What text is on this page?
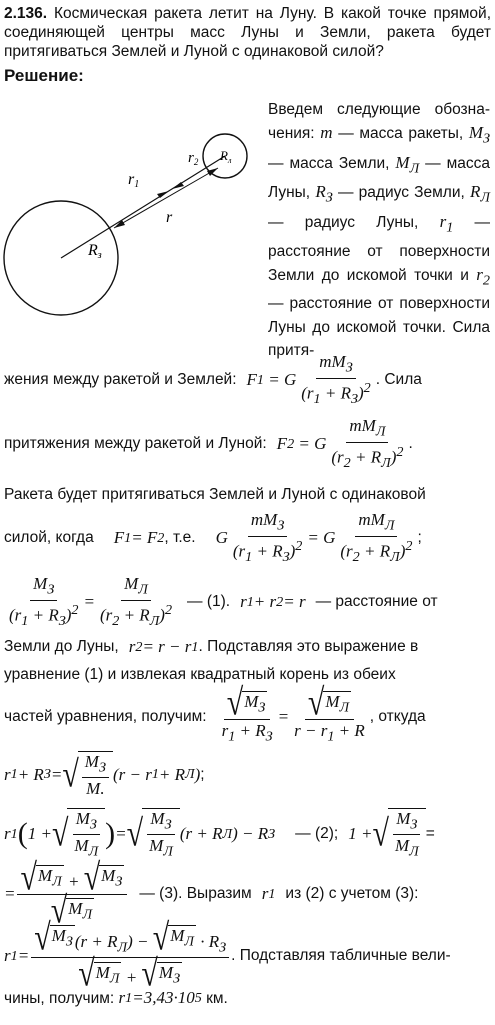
2.136. Космическая ракета летит на Луну. В какой точке прямой, соединяющей центры масс Луны и Земли, ракета будет притягиваться Землей и Луной с одинаковой силой?
Решение:
r1
$r_2$
r
Rз
$R_л$
Введем следующие обозна- чения: m — масса ракеты, $M_З$ — масса Земли, $M_Л$ — масса Луны, $R_З$ — радиус Земли, $R_Л$ — радиус Луны, $r_1$ — расстояние от поверхности Земли до искомой точки и $r_2$ — расстояние от поверхности Луны до искомой точки. Сила притя-
жения между ракетой и Землей: F 1 = G $\frac{mM_З}{(r_1 + R_З)^2}$ . Сила
притяжения между ракетой и Луной: F 2 = G $\frac{mM_Л}{(r_2 + R_Л)^2}$ .
Ракета будет притягиваться Землей и Луной с одинаковой
силой, когда F 1 = F 2 , т.е. G $\frac{mM_З}{(r_1 + R_З)^2} = G \frac{mM_Л}{(r_2 + R_Л)^2}$ ;
$\frac{M_З}{(r_1 + R_З)^2} = \frac{M_Л}{(r_2 + R_Л)^2}$ — (1). r 1 + r 2 = r — расстояние от
Земли до Луны, r 2 = r − r 1 . Подставляя это выражение в
уравнение (1) и извлекая квадратный корень из обеих
частей уравнения, получим: $\frac{√ M_З}{r_1 + R_З} = \frac{√ M_Л}{r - r_1 + R}$ , откуда
r 1 + R З = √ $\frac{M_З}{M.} (r - r$ 1 + R Л ) ;
r 1 ( 1 + √ $\frac{M_З}{M_Л}$ ) = √ $\frac{M_З}{M_Л} (r + R$ Л ) − R З — (2); 1 + √ $\frac{M_З}{M_Л}$ =
= $\frac{√ M_Л + √ M_З}{√ M_Л}$ — (3). Выразим r 1 из (2) с учетом (3):
r $1 = \frac{√ M_З (r + R_Л) - √ M_Л \cdot R_З}{√ M_Л + √ M_З}$ . Подставляя табличные вели-
чины, получим: r 1 = 3,43·10 5 км.
